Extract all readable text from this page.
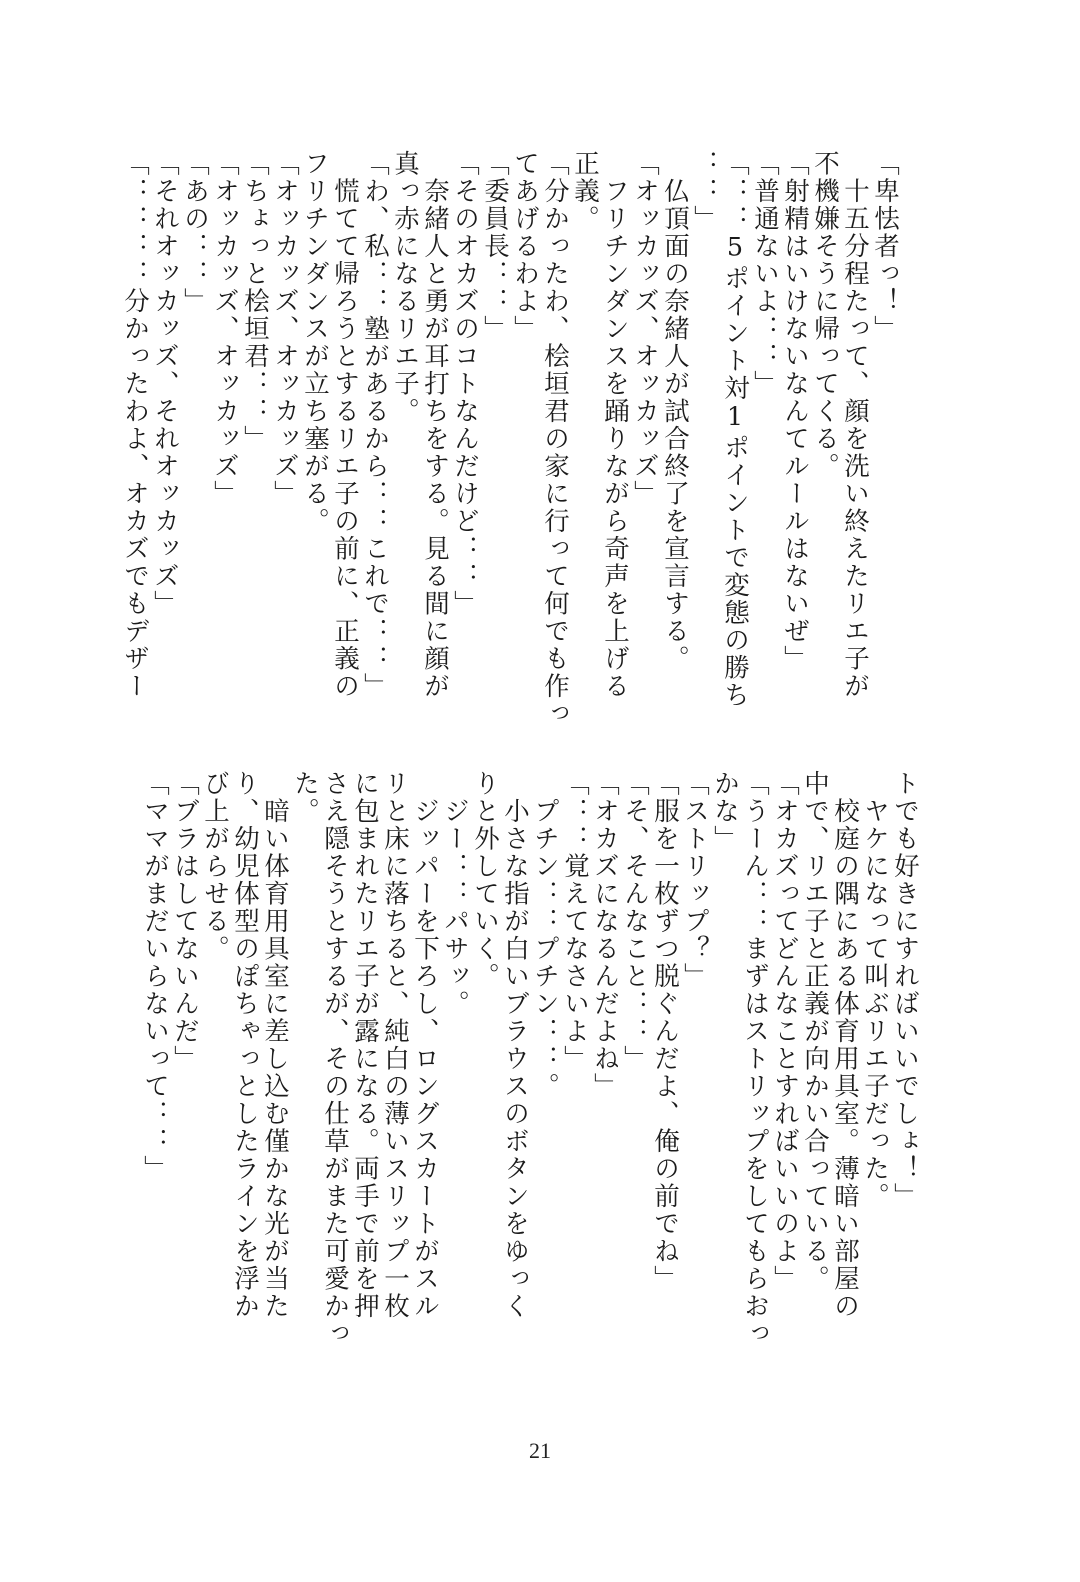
「卑怯者っ！」
　十五分程たって、顔を洗い終えたリエ子が
不機嫌そうに帰ってくる。
「射精はいけないなんてルールはないぜ」
「普通ないよ：：」
「：：5ポイント対1ポイントで変態の勝ち
：：」
　仏頂面の奈緒人が試合終了を宣言する。
「オッカッズ、オッカッズ」
　フリチンダンスを踊りながら奇声を上げる
正義。
「分かったわ、桧垣君の家に行って何でも作っ
てあげるわよ」
「委員長：：」
「そのオカズのコトなんだけど：：」
　奈緒人と勇が耳打ちをする。見る間に顔が
真っ赤になるリエ子。
「わ、私：：塾があるから：：これで：：」
　慌てて帰ろうとするリエ子の前に、正義の
フリチンダンスが立ち塞がる。
「オッカッズ、オッカッズ」
「ちょっと桧垣君：：」
「オッカッズ、オッカッズ」
「あの：：」
「それオッカッズ、それオッカッズ」
「：：：：分かったわよ、オカズでもデザー
トでも好きにすればいいでしょ！」
　ヤケになって叫ぶリエ子だった。
　校庭の隅にある体育用具室。薄暗い部屋の
中で、リエ子と正義が向かい合っている。
「オカズってどんなことすればいいのよ」
「うーん：：まずはストリップをしてもらおっ
かな」
「ストリップ？」
「服を一枚ずつ脱ぐんだよ、俺の前でね」
「そ、そんなこと：：」
「オカズになるんだよね」
「：：覚えてなさいよ」
　プチン：：プチン：：。
　小さな指が白いブラウスのボタンをゆっく
りと外していく。
　ジー：：パサッ。
　ジッパーを下ろし、ロングスカートがスル
リと床に落ちると、純白の薄いスリップ一枚
に包まれたリエ子が露になる。両手で前を押
さえ隠そうとするが、その仕草がまた可愛かっ
た。
　暗い体育用具室に差し込む僅かな光が当た
り、幼児体型のぽちゃっとしたラインを浮か
び上がらせる。
「ブラはしてないんだ」
「ママがまだいらないって：：」
21
